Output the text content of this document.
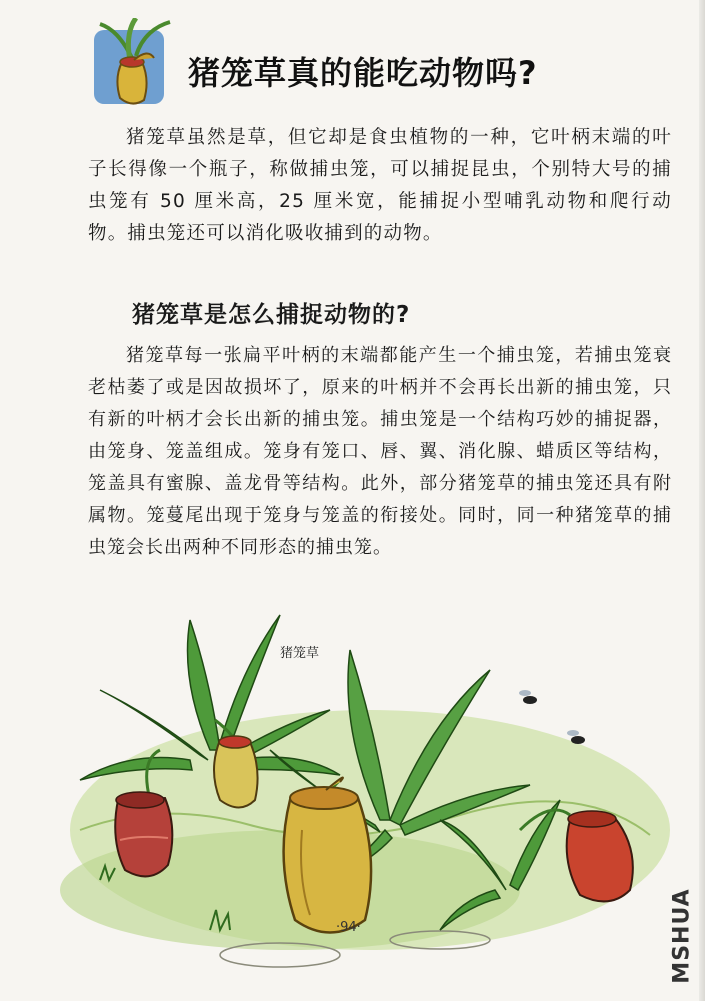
猪笼草真的能吃动物吗?

猪笼草虽然是草，但它却是食虫植物的一种，它叶柄末端的叶子长得像一个瓶子，称做捕虫笼，可以捕捉昆虫，个别特大号的捕虫笼有 50 厘米高，25 厘米宽，能捕捉小型哺乳动物和爬行动物。捕虫笼还可以消化吸收捕到的动物。

猪笼草是怎么捕捉动物的?

猪笼草每一张扁平叶柄的末端都能产生一个捕虫笼，若捕虫笼衰老枯萎了或是因故损坏了，原来的叶柄并不会再长出新的捕虫笼，只有新的叶柄才会长出新的捕虫笼。捕虫笼是一个结构巧妙的捕捉器，由笼身、笼盖组成。笼身有笼口、唇、翼、消化腺、蜡质区等结构，笼盖具有蜜腺、盖龙骨等结构。此外，部分猪笼草的捕虫笼还具有附属物。笼蔓尾出现于笼身与笼盖的衔接处。同时，同一种猪笼草的捕虫笼会长出两种不同形态的捕虫笼。

猪笼草

·94·	MSHUA
